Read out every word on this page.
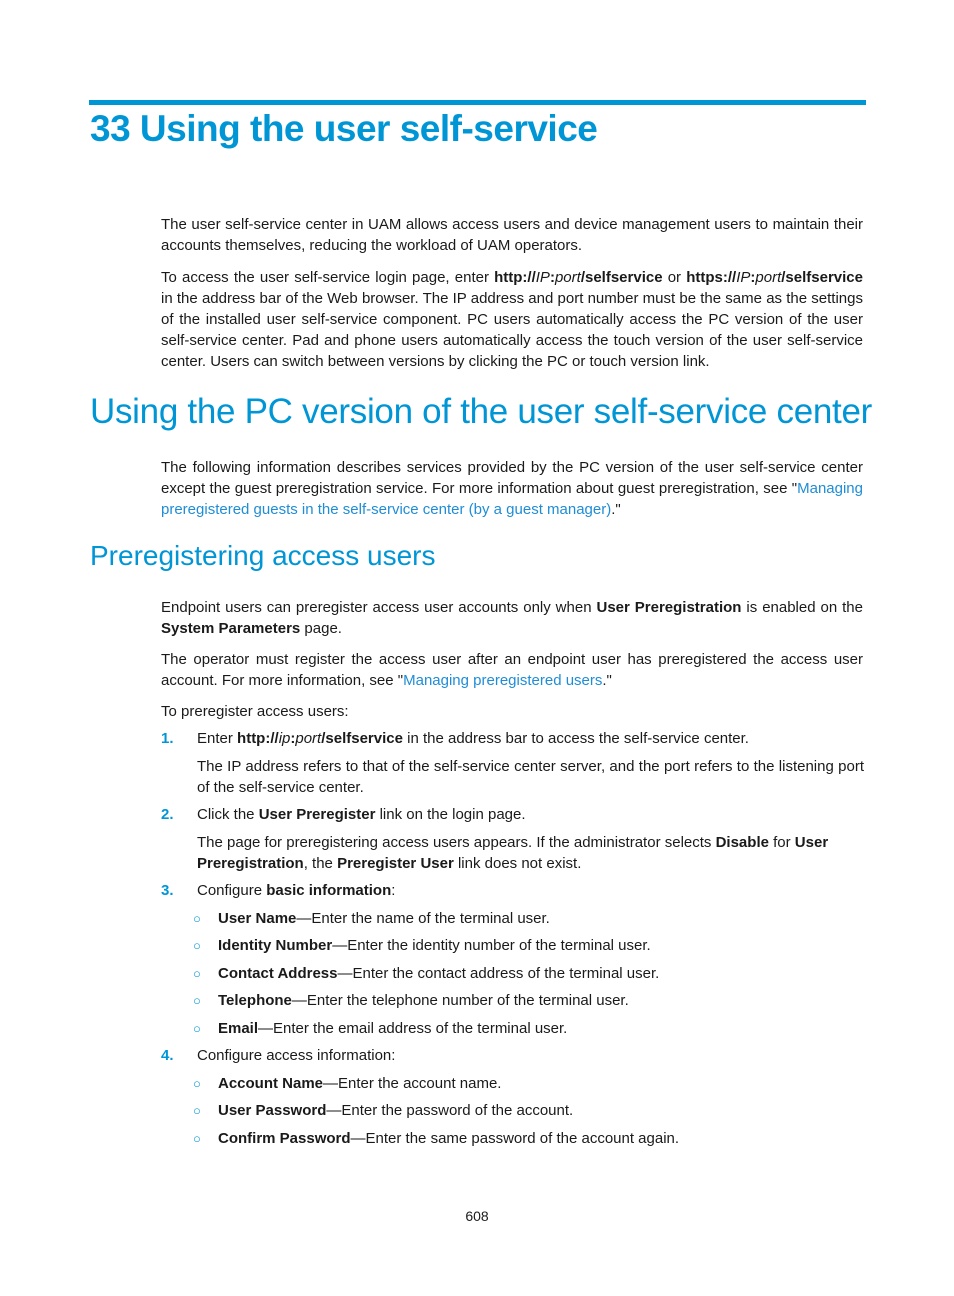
33 Using the user self-service

The user self-service center in UAM allows access users and device management users to maintain their accounts themselves, reducing the workload of UAM operators.

To access the user self-service login page, enter http://IP:port/selfservice or https://IP:port/selfservice in the address bar of the Web browser. The IP address and port number must be the same as the settings of the installed user self-service component. PC users automatically access the PC version of the user self-service center. Pad and phone users automatically access the touch version of the user self-service center. Users can switch between versions by clicking the PC or touch version link.

Using the PC version of the user self-service center

The following information describes services provided by the PC version of the user self-service center except the guest preregistration service. For more information about guest preregistration, see "Managing preregistered guests in the self-service center (by a guest manager)."

Preregistering access users

Endpoint users can preregister access user accounts only when User Preregistration is enabled on the System Parameters page.

The operator must register the access user after an endpoint user has preregistered the access user account. For more information, see "Managing preregistered users."

To preregister access users:

1. Enter http://ip:port/selfservice in the address bar to access the self-service center.

The IP address refers to that of the self-service center server, and the port refers to the listening port of the self-service center.

2. Click the User Preregister link on the login page.

The page for preregistering access users appears. If the administrator selects Disable for User Preregistration, the Preregister User link does not exist.

3. Configure basic information:

○ User Name—Enter the name of the terminal user.

○ Identity Number—Enter the identity number of the terminal user.

○ Contact Address—Enter the contact address of the terminal user.

○ Telephone—Enter the telephone number of the terminal user.

○ Email—Enter the email address of the terminal user.

4. Configure access information:

○ Account Name—Enter the account name.

○ User Password—Enter the password of the account.

○ Confirm Password—Enter the same password of the account again.

608
